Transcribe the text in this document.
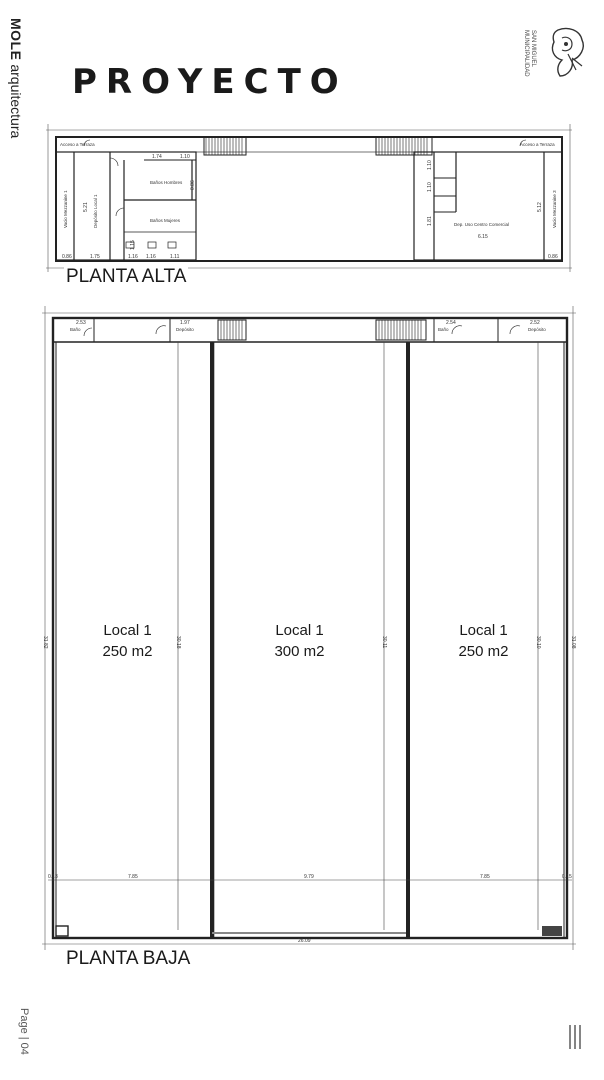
MOLE arquitectura PROYECTO
SAN MIGUEL
MUNICIPALIDAD
Acceso a Terraza	Acceso a Terraza
Baños Hombres
Baños Mujeres
Dep. Uso Centro Comercial
Vacio Mezzanine 1	Depósito Local 1	Vacio Mezzanine 3
1.74	1.10
5.21
0.86	1.75	1.16 1.16	1.11
1.10
1.10
1.81
5.12
6.15
0.86
0.86
1.15
PLANTA ALTA
Baño	Depósito	Baño	Depósito
2.53	1.97	2.54	2.52
7.85	9.79	7.85
0.13	0.15
26.09
31.82	30.18	30.11	30.10	31.08
Local 1
250 m2
Local 1
300 m2
Local 1
250 m2
PLANTA BAJA
Page | 04
